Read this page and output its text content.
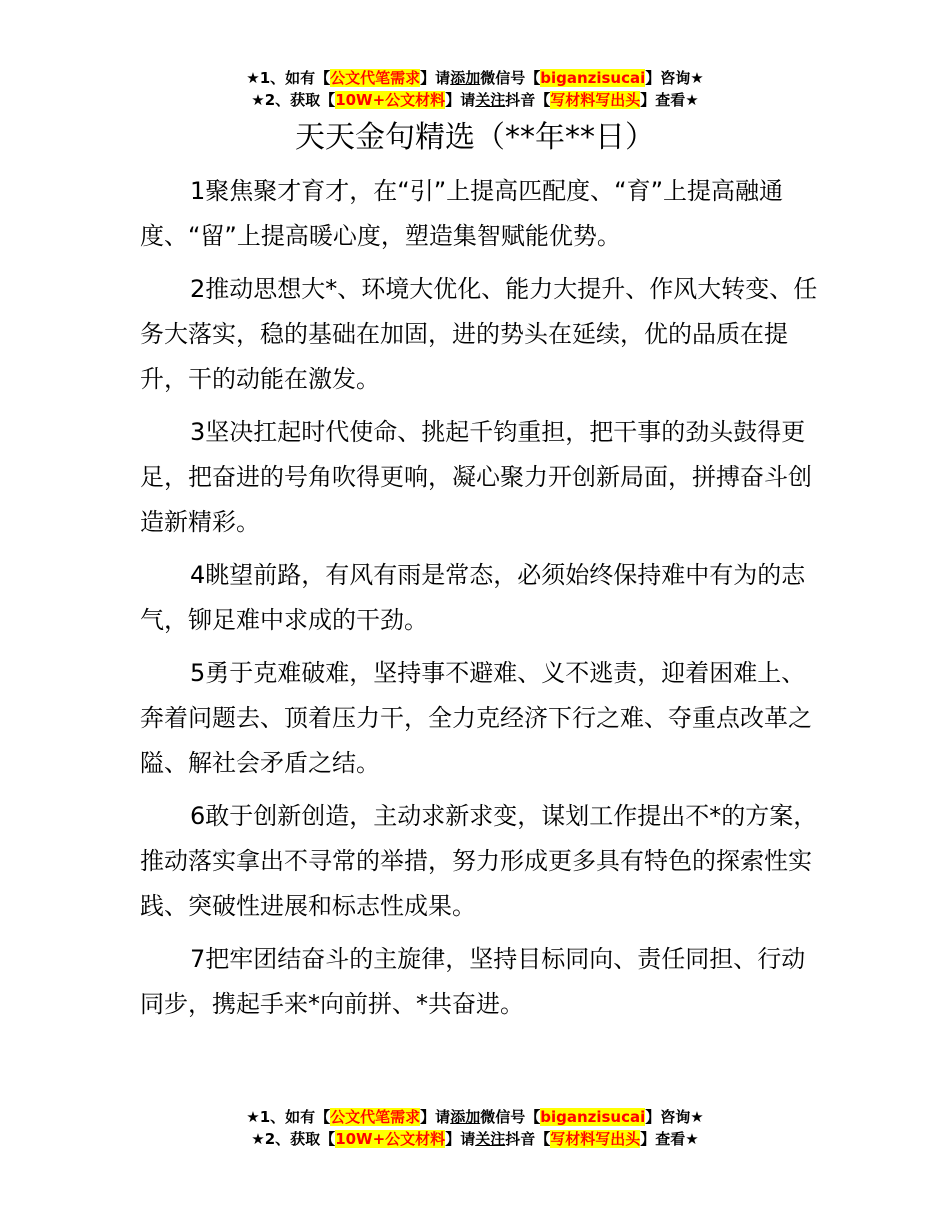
★1、如有【公文代笔需求】请添加微信号【biganzisucai】咨询★
★2、获取【10W+公文材料】请关注抖音【写材料写出头】查看★
天天金句精选（**年**日）

1聚焦聚才育才，在“引”上提高匹配度、“育”上提高融通度、“留”上提高暖心度，塑造集智赋能优势。

2推动思想大*、环境大优化、能力大提升、作风大转变、任务大落实，稳的基础在加固，进的势头在延续，优的品质在提升，干的动能在激发。

3坚决扛起时代使命、挑起千钧重担，把干事的劲头鼓得更足，把奋进的号角吹得更响，凝心聚力开创新局面，拼搏奋斗创造新精彩。

4眺望前路，有风有雨是常态，必须始终保持难中有为的志气，铆足难中求成的干劲。

5勇于克难破难，坚持事不避难、义不逃责，迎着困难上、奔着问题去、顶着压力干，全力克经济下行之难、夺重点改革之隘、解社会矛盾之结。

6敢于创新创造，主动求新求变，谋划工作提出不*的方案，推动落实拿出不寻常的举措，努力形成更多具有特色的探索性实践、突破性进展和标志性成果。

7把牢团结奋斗的主旋律，坚持目标同向、责任同担、行动同步，携起手来*向前拼、*共奋进。

★1、如有【公文代笔需求】请添加微信号【biganzisucai】咨询★
★2、获取【10W+公文材料】请关注抖音【写材料写出头】查看★
